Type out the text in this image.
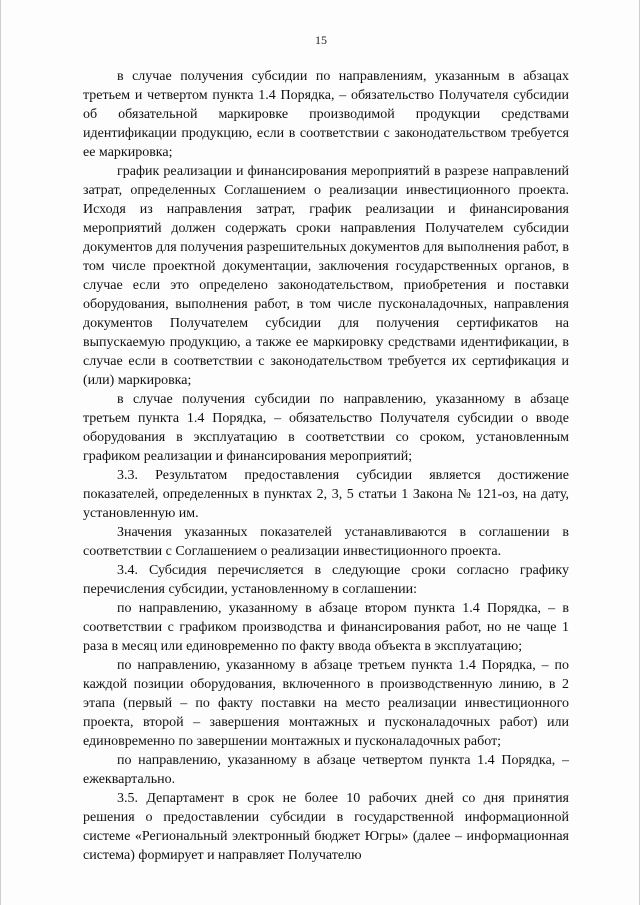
15

в случае получения субсидии по направлениям, указанным в абзацах третьем и четвертом пункта 1.4 Порядка, – обязательство Получателя субсидии об обязательной маркировке производимой продукции средствами идентификации продукцию, если в соответствии с законодательством требуется ее маркировка;

график реализации и финансирования мероприятий в разрезе направлений затрат, определенных Соглашением о реализации инвестиционного проекта. Исходя из направления затрат, график реализации и финансирования мероприятий должен содержать сроки направления Получателем субсидии документов для получения разрешительных документов для выполнения работ, в том числе проектной документации, заключения государственных органов, в случае если это определено законодательством, приобретения и поставки оборудования, выполнения работ, в том числе пусконаладочных, направления документов Получателем субсидии для получения сертификатов на выпускаемую продукцию, а также ее маркировку средствами идентификации, в случае если в соответствии с законодательством требуется их сертификация и (или) маркировка;

в случае получения субсидии по направлению, указанному в абзаце третьем пункта 1.4 Порядка, – обязательство Получателя субсидии о вводе оборудования в эксплуатацию в соответствии со сроком, установленным графиком реализации и финансирования мероприятий;

3.3. Результатом предоставления субсидии является достижение показателей, определенных в пунктах 2, 3, 5 статьи 1 Закона № 121-оз, на дату, установленную им.

Значения указанных показателей устанавливаются в соглашении в соответствии с Соглашением о реализации инвестиционного проекта.

3.4. Субсидия перечисляется в следующие сроки согласно графику перечисления субсидии, установленному в соглашении:

по направлению, указанному в абзаце втором пункта 1.4 Порядка, – в соответствии с графиком производства и финансирования работ, но не чаще 1 раза в месяц или единовременно по факту ввода объекта в эксплуатацию;

по направлению, указанному в абзаце третьем пункта 1.4 Порядка, – по каждой позиции оборудования, включенного в производственную линию, в 2 этапа (первый – по факту поставки на место реализации инвестиционного проекта, второй – завершения монтажных и пусконаладочных работ) или единовременно по завершении монтажных и пусконаладочных работ;

по направлению, указанному в абзаце четвертом пункта 1.4 Порядка, – ежеквартально.

3.5. Департамент в срок не более 10 рабочих дней со дня принятия решения о предоставлении субсидии в государственной информационной системе «Региональный электронный бюджет Югры» (далее – информационная система) формирует и направляет Получателю
